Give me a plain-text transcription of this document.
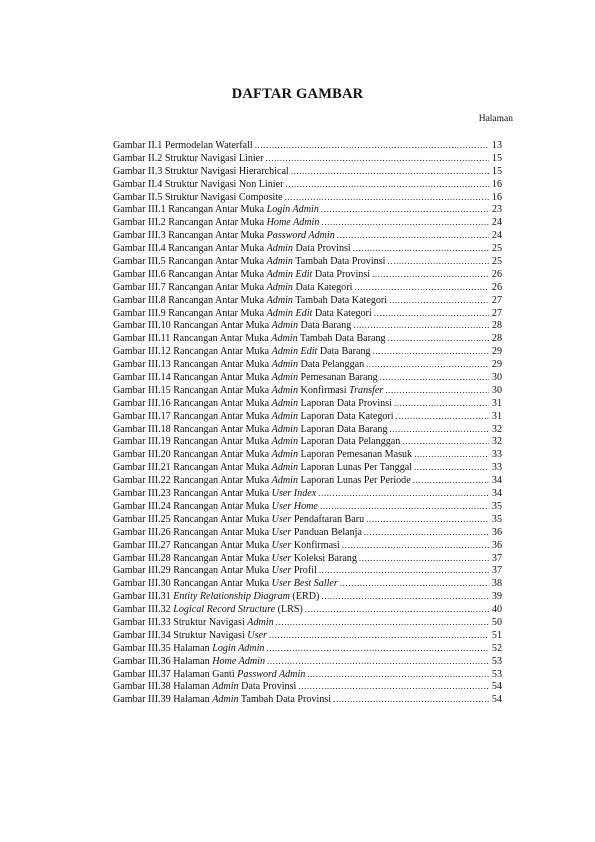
DAFTAR GAMBAR
Halaman
Gambar II.1 Permodelan Waterfall .....	13
Gambar II.2 Struktur Navigasi Linier .....	15
Gambar II.3 Struktur Navigasi Hierarchical .....	15
Gambar II.4 Struktur Navigasi Non Linier .....	16
Gambar II.5 Struktur Navigasi Composite .....	16
Gambar III.1 Rancangan Antar Muka Login Admin .....	23
Gambar III.2 Rancangan Antar Muka Home Admin .....	24
Gambar III.3 Rancangan Antar Muka Password Admin .....	24
Gambar III.4 Rancangan Antar Muka Admin Data Provinsi .....	25
Gambar III.5 Rancangan Antar Muka Admin Tambah Data Provinsi .....	25
Gambar III.6 Rancangan Antar Muka Admin Edit Data Provinsi .....	26
Gambar III.7 Rancangan Antar Muka Admin Data Kategori .....	26
Gambar III.8 Rancangan Antar Muka Admin Tambah Data Kategori .....	27
Gambar III.9 Rancangan Antar Muka Admin Edit Data Kategori .....	27
Gambar III.10 Rancangan Antar Muka Admin Data Barang .....	28
Gambar III.11 Rancangan Antar Muka Admin Tambah Data Barang .....	28
Gambar III.12 Rancangan Antar Muka Admin Edit Data Barang .....	29
Gambar III.13 Rancangan Antar Muka Admin Data Pelanggan .....	29
Gambar III.14 Rancangan Antar Muka Admin Pemesanan Barang .....	30
Gambar III.15 Rancangan Antar Muka Admin Konfirmasi Transfer .....	30
Gambar III.16 Rancangan Antar Muka Admin Laporan Data Provinsi .....	31
Gambar III.17 Rancangan Antar Muka Admin Laporan Data Kategori .....	31
Gambar III.18 Rancangan Antar Muka Admin Laporan Data Barang .....	32
Gambar III.19 Rancangan Antar Muka Admin Laporan Data Pelanggan .....	32
Gambar III.20 Rancangan Antar Muka Admin Laporan Pemesanan Masuk .....	33
Gambar III.21 Rancangan Antar Muka Admin Laporan Lunas Per Tanggal .....	33
Gambar III.22 Rancangan Antar Muka Admin Laporan Lunas Per Periode .....	34
Gambar III.23 Rancangan Antar Muka User Index .....	34
Gambar III.24 Rancangan Antar Muka User Home .....	35
Gambar III.25 Rancangan Antar Muka User Pendaftaran Baru .....	35
Gambar III.26 Rancangan Antar Muka User Panduan Belanja .....	36
Gambar III.27 Rancangan Antar Muka User Konfirmasi .....	36
Gambar III.28 Rancangan Antar Muka User Koleksi Barang .....	37
Gambar III.29 Rancangan Antar Muka User Profil .....	37
Gambar III.30 Rancangan Antar Muka User Best Saller .....	38
Gambar III.31 Entity Relationship Diagram (ERD) .....	39
Gambar III.32 Logical Record Structure (LRS) .....	40
Gambar III.33 Struktur Navigasi Admin .....	50
Gambar III.34 Struktur Navigasi User .....	51
Gambar III.35 Halaman Login Admin .....	52
Gambar III.36 Halaman Home Admin .....	53
Gambar III.37 Halaman Ganti Password Admin .....	53
Gambar III.38 Halaman Admin Data Provinsi .....	54
Gambar III.39 Halaman Admin Tambah Data Provinsi .....	54
